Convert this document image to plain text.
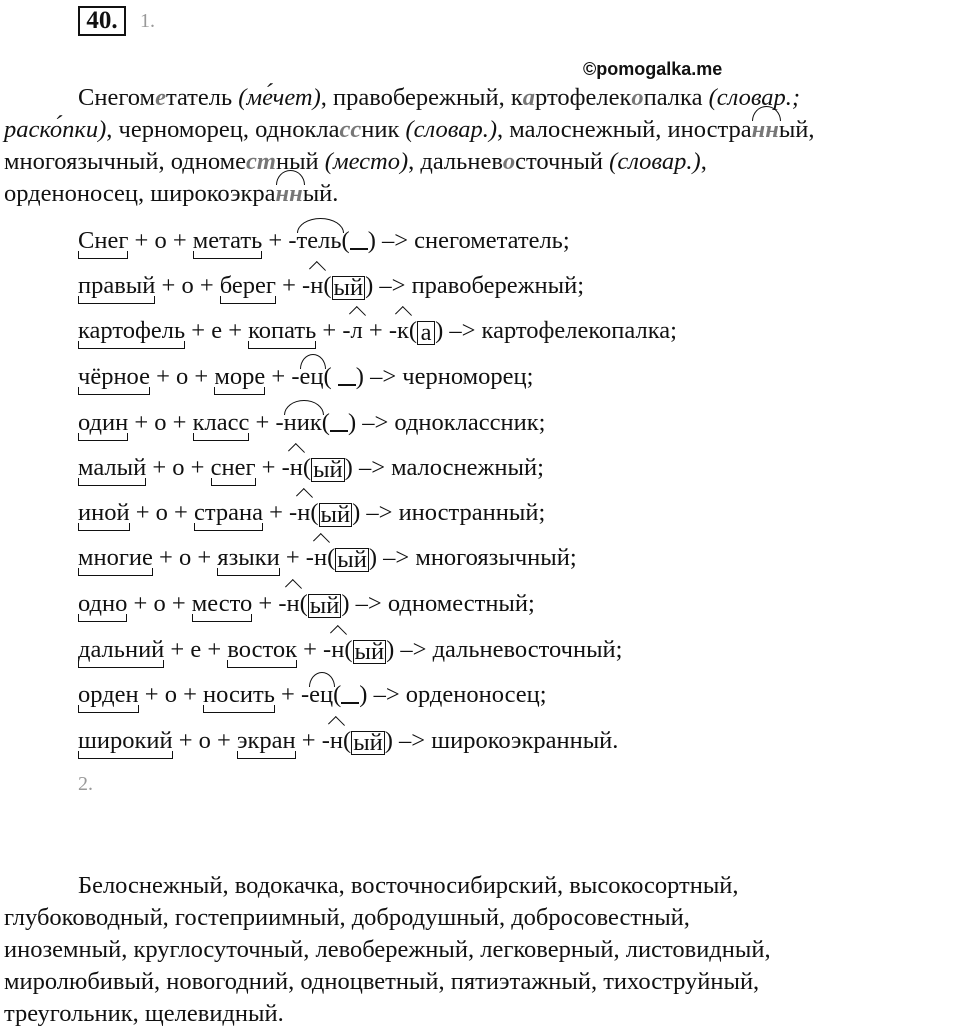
40.	1.
©pomogalka.me
Снегометатель (ме́чет), правобережный, картофелекопалка (словар.;
раско́пки), черноморец, одноклассник (словар.), малоснежный, иностранный,
многоязычный, одноместный (место), дальневосточный (словар.),
орденоносец, широкоэкранный.
Снег + о + метать + -тель( ) –> снегометатель;
правый + о + берег + -н(ый) –> правобережный;
картофель + е + копать + -л + -к( а ) –> картофелекопалка;
чёрное + о + море + -ец( ) –> черноморец;
один + о + класс + -ник( ) –> одноклассник;
малый + о + снег + -н(ый) –> малоснежный;
иной + о + страна + -н(ый) –> иностранный;
многие + о + языки + -н(ый) –> многоязычный;
одно + о + место + -н(ый) –> одноместный;
дальний + е + восток + -н(ый) –> дальневосточный;
орден + о + носить + -ец( ) –> орденоносец;
широкий + о + экран + -н(ый) –> широкоэкранный.
2.
Белоснежный, водокачка, восточносибирский, высокосортный,
глубоководный, гостеприимный, добродушный, добросовестный,
иноземный, круглосуточный, левобережный, легковерный, листовидный,
миролюбивый, новогодний, одноцветный, пятиэтажный, тихоструйный,
треугольник, щелевидный.
